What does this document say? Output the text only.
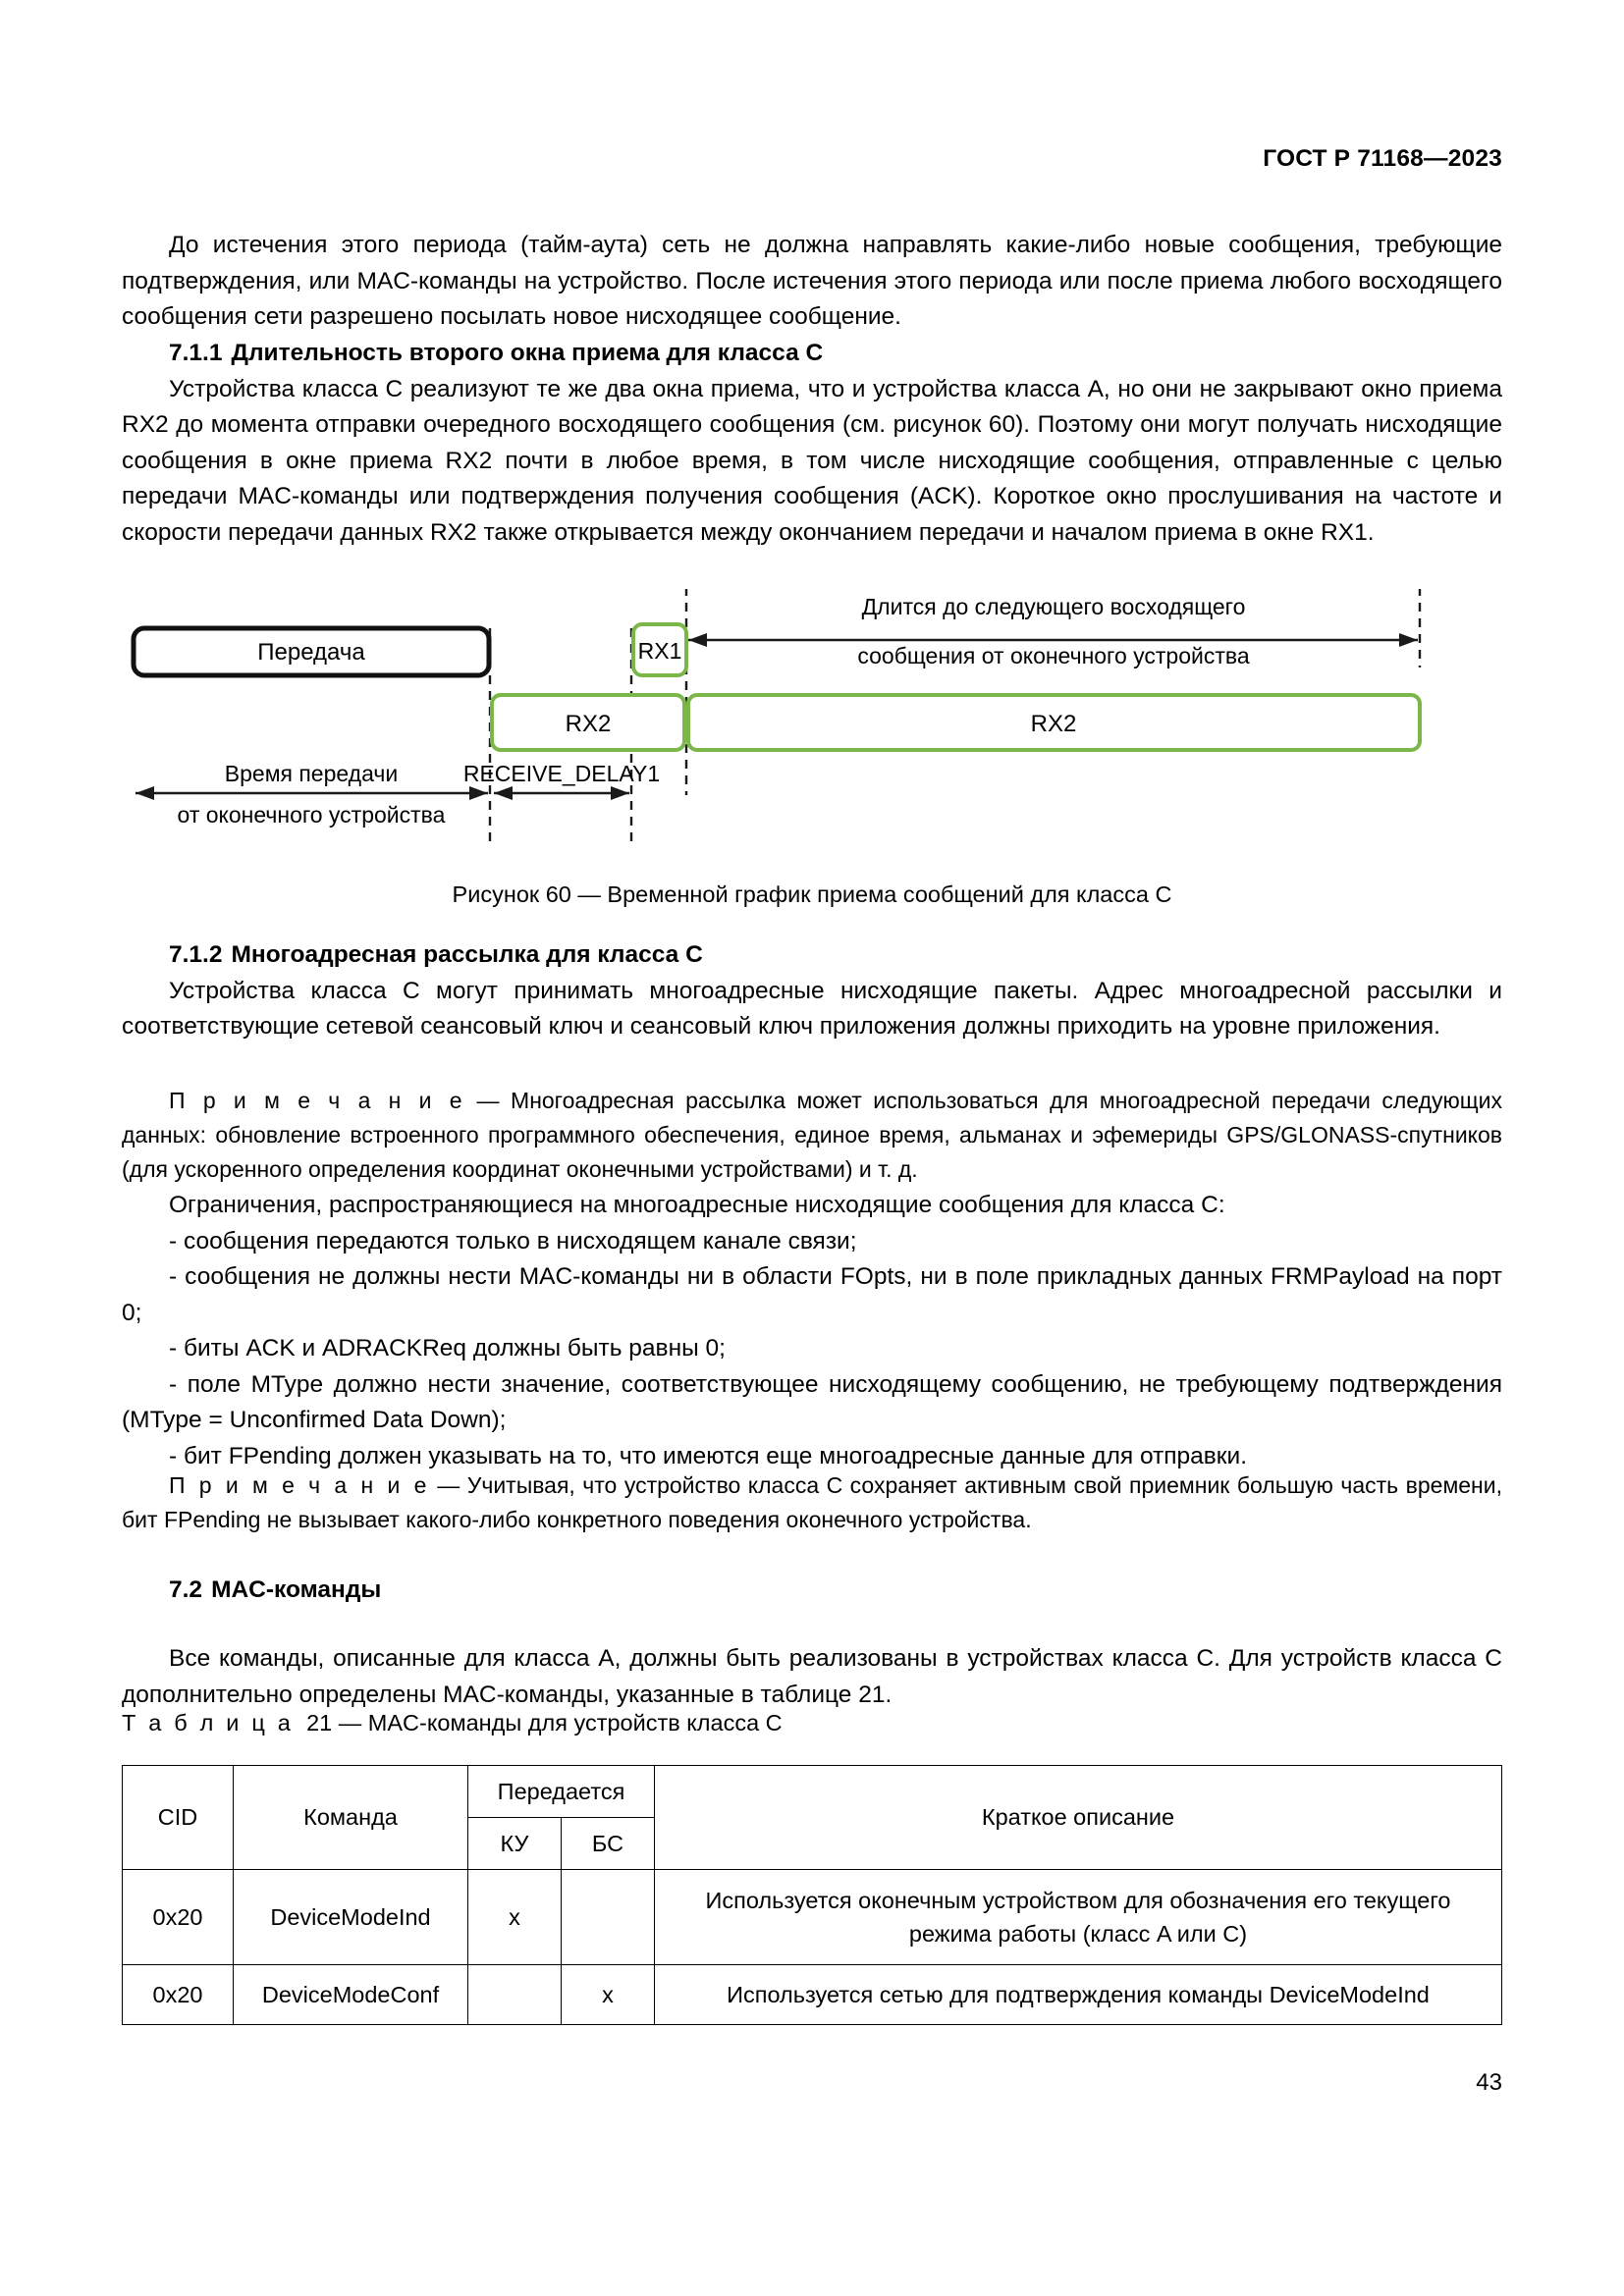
ГОСТ Р 71168—2023

До истечения этого периода (тайм-аута) сеть не должна направлять какие-либо новые сообщения, требующие подтверждения, или MAC-команды на устройство. После истечения этого периода или после приема любого восходящего сообщения сети разрешено посылать новое нисходящее сообщение.

7.1.1 Длительность второго окна приема для класса C

Устройства класса C реализуют те же два окна приема, что и устройства класса A, но они не закрывают окно приема RX2 до момента отправки очередного восходящего сообщения (см. рисунок 60). Поэтому они могут получать нисходящие сообщения в окне приема RX2 почти в любое время, в том числе нисходящие сообщения, отправленные с целью передачи MAC-команды или подтверждения получения сообщения (ACK). Короткое окно прослушивания на частоте и скорости передачи данных RX2 также открывается между окончанием передачи и началом приема в окне RX1.

Передача	RX1
RX2	RX2
Длится до следующего восходящего
сообщения от оконечного устройства
Время передачи
от оконечного устройства
RECEIVE_DELAY1
Рисунок 60 — Временной график приема сообщений для класса C
7.1.2 Многоадресная рассылка для класса C

Устройства класса C могут принимать многоадресные нисходящие пакеты. Адрес многоадресной рассылки и соответствующие сетевой сеансовый ключ и сеансовый ключ приложения должны приходить на уровне приложения.

П р и м е ч а н и е — Многоадресная рассылка может использоваться для многоадресной передачи следующих данных: обновление встроенного программного обеспечения, единое время, альманах и эфемериды GPS/GLONASS-спутников (для ускоренного определения координат оконечными устройствами) и т. д.

Ограничения, распространяющиеся на многоадресные нисходящие сообщения для класса C:

- сообщения передаются только в нисходящем канале связи;

- сообщения не должны нести MAC-команды ни в области FOpts, ни в поле прикладных данных FRMPayload на порт 0;

- биты ACK и ADRACKReq должны быть равны 0;

- поле MType должно нести значение, соответствующее нисходящему сообщению, не требующему подтверждения (MType = Unconfirmed Data Down);

- бит FPending должен указывать на то, что имеются еще многоадресные данные для отправки.

П р и м е ч а н и е — Учитывая, что устройство класса C сохраняет активным свой приемник большую часть времени, бит FPending не вызывает какого-либо конкретного поведения оконечного устройства.

7.2 MAC-команды

Все команды, описанные для класса A, должны быть реализованы в устройствах класса C. Для устройств класса C дополнительно определены MAC-команды, указанные в таблице 21.

Т а б л и ц а 21 — MAC-команды для устройств класса C
CID	Команда	Передается		Краткое описание
		КУ	БС	
0x20	DeviceModeInd	х		Используется оконечным устройством для обозначения его текущего режима работы (класс A или C)
0x20	DeviceModeConf		х	Используется сетью для подтверждения команды DeviceModeInd
43
